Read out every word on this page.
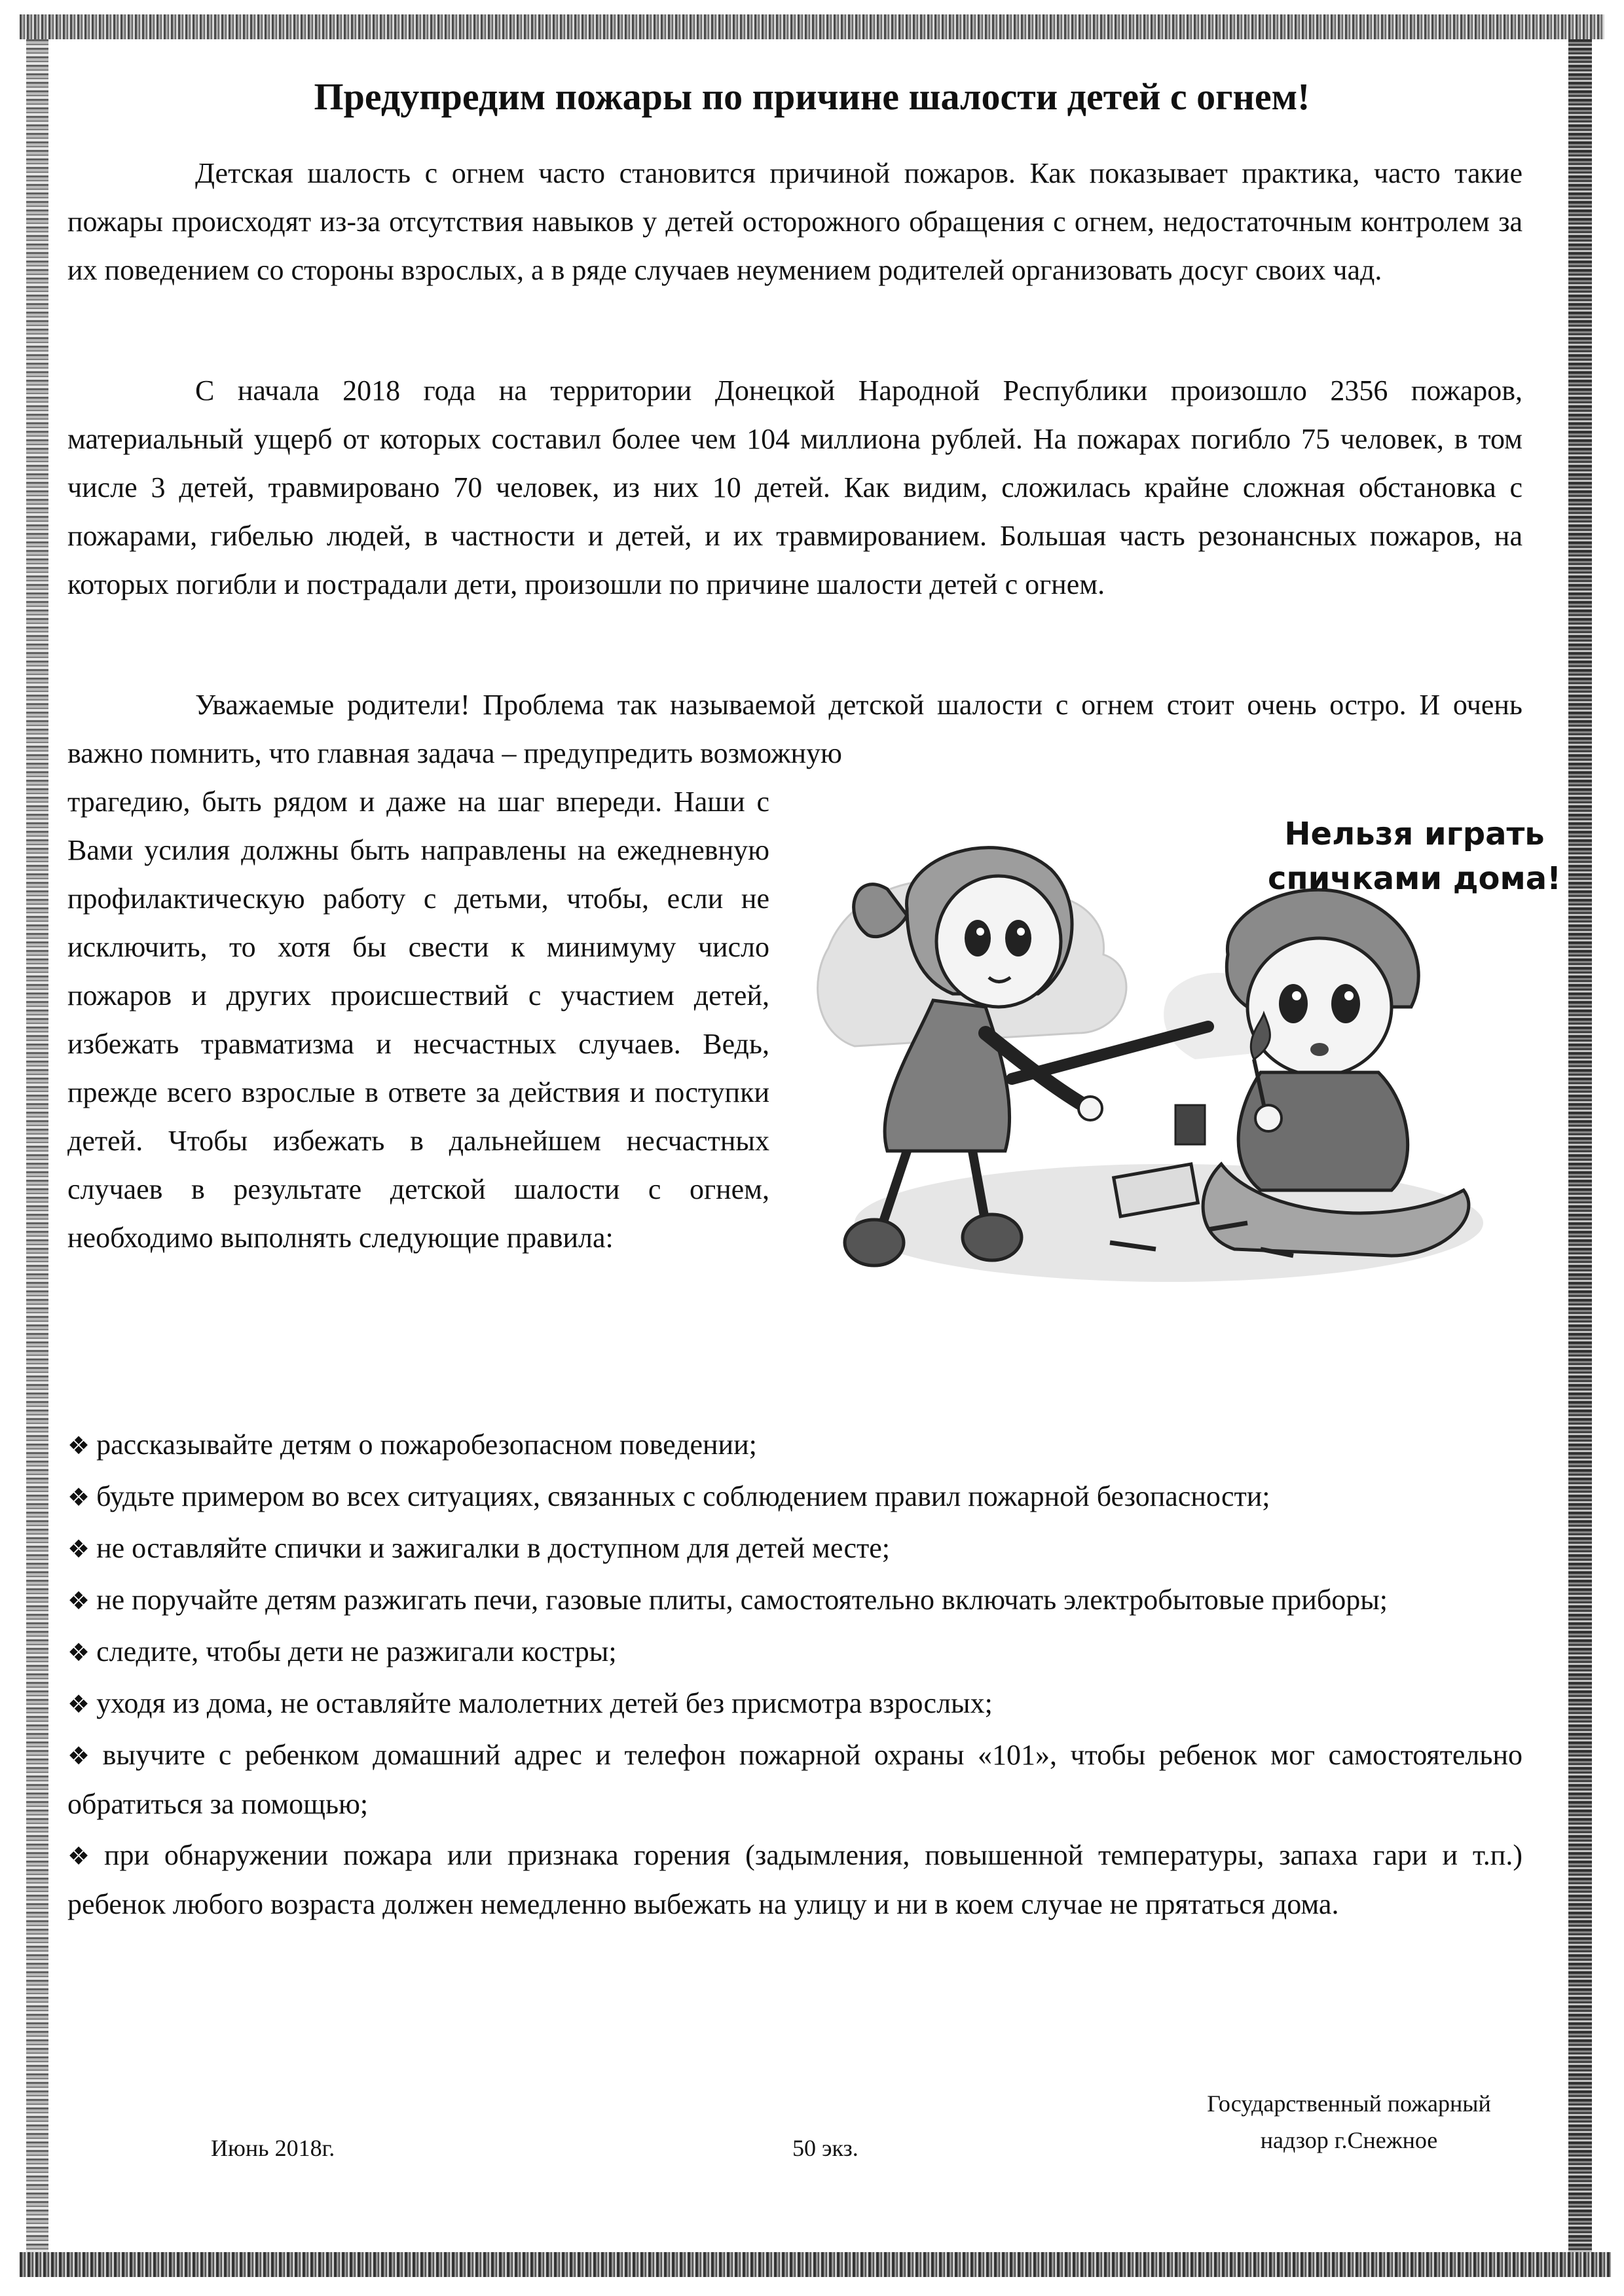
Предупредим пожары по причине шалости детей с огнем!

Детская шалость с огнем часто становится причиной пожаров. Как показывает практика, часто такие пожары происходят из-за отсутствия навыков у детей осторожного обращения с огнем, недостаточным контролем за их поведением со стороны взрослых, а в ряде случаев неумением родителей организовать досуг своих чад.

С начала 2018 года на территории Донецкой Народной Республики произошло 2356 пожаров, материальный ущерб от которых составил более чем 104 миллиона рублей. На пожарах погибло 75 человек, в том числе 3 детей, травмировано 70 человек, из них 10 детей. Как видим, сложилась крайне сложная обстановка с пожарами, гибелью людей, в частности и детей, и их травмированием. Большая часть резонансных пожаров, на которых погибли и пострадали дети, произошли по причине шалости детей с огнем.

Уважаемые родители! Проблема так называемой детской шалости с огнем стоит очень остро. И очень важно помнить, что главная задача – предупредить возможную

трагедию, быть рядом и даже на шаг впереди. Наши с Вами усилия должны быть направлены на ежедневную профилактическую работу с детьми, чтобы, если не исключить, то хотя бы свести к минимуму число пожаров и других происшествий с участием детей, избежать травматизма и несчастных случаев. Ведь, прежде всего взрослые в ответе за действия и поступки детей. Чтобы избежать в дальнейшем несчастных случаев в результате детской шалости с огнем, необходимо выполнять следующие правила:

Нельзя играть
спичками дома!
❖ рассказывайте детям о пожаробезопасном поведении;
❖ будьте примером во всех ситуациях, связанных с соблюдением правил пожарной безопасности;
❖ не оставляйте спички и зажигалки в доступном для детей месте;
❖ не поручайте детям разжигать печи, газовые плиты, самостоятельно включать электробытовые приборы;
❖ следите, чтобы дети не разжигали костры;
❖ уходя из дома, не оставляйте малолетних детей без присмотра взрослых;
❖ выучите с ребенком домашний адрес и телефон пожарной охраны «101», чтобы ребенок мог самостоятельно обратиться за помощью;
❖ при обнаружении пожара или признака горения (задымления, повышенной температуры, запаха гари и т.п.) ребенок любого возраста должен немедленно выбежать на улицу и ни в коем случае не прятаться дома.
Июнь 2018г.	50 экз.
Государственный пожарный
надзор г.Снежное
